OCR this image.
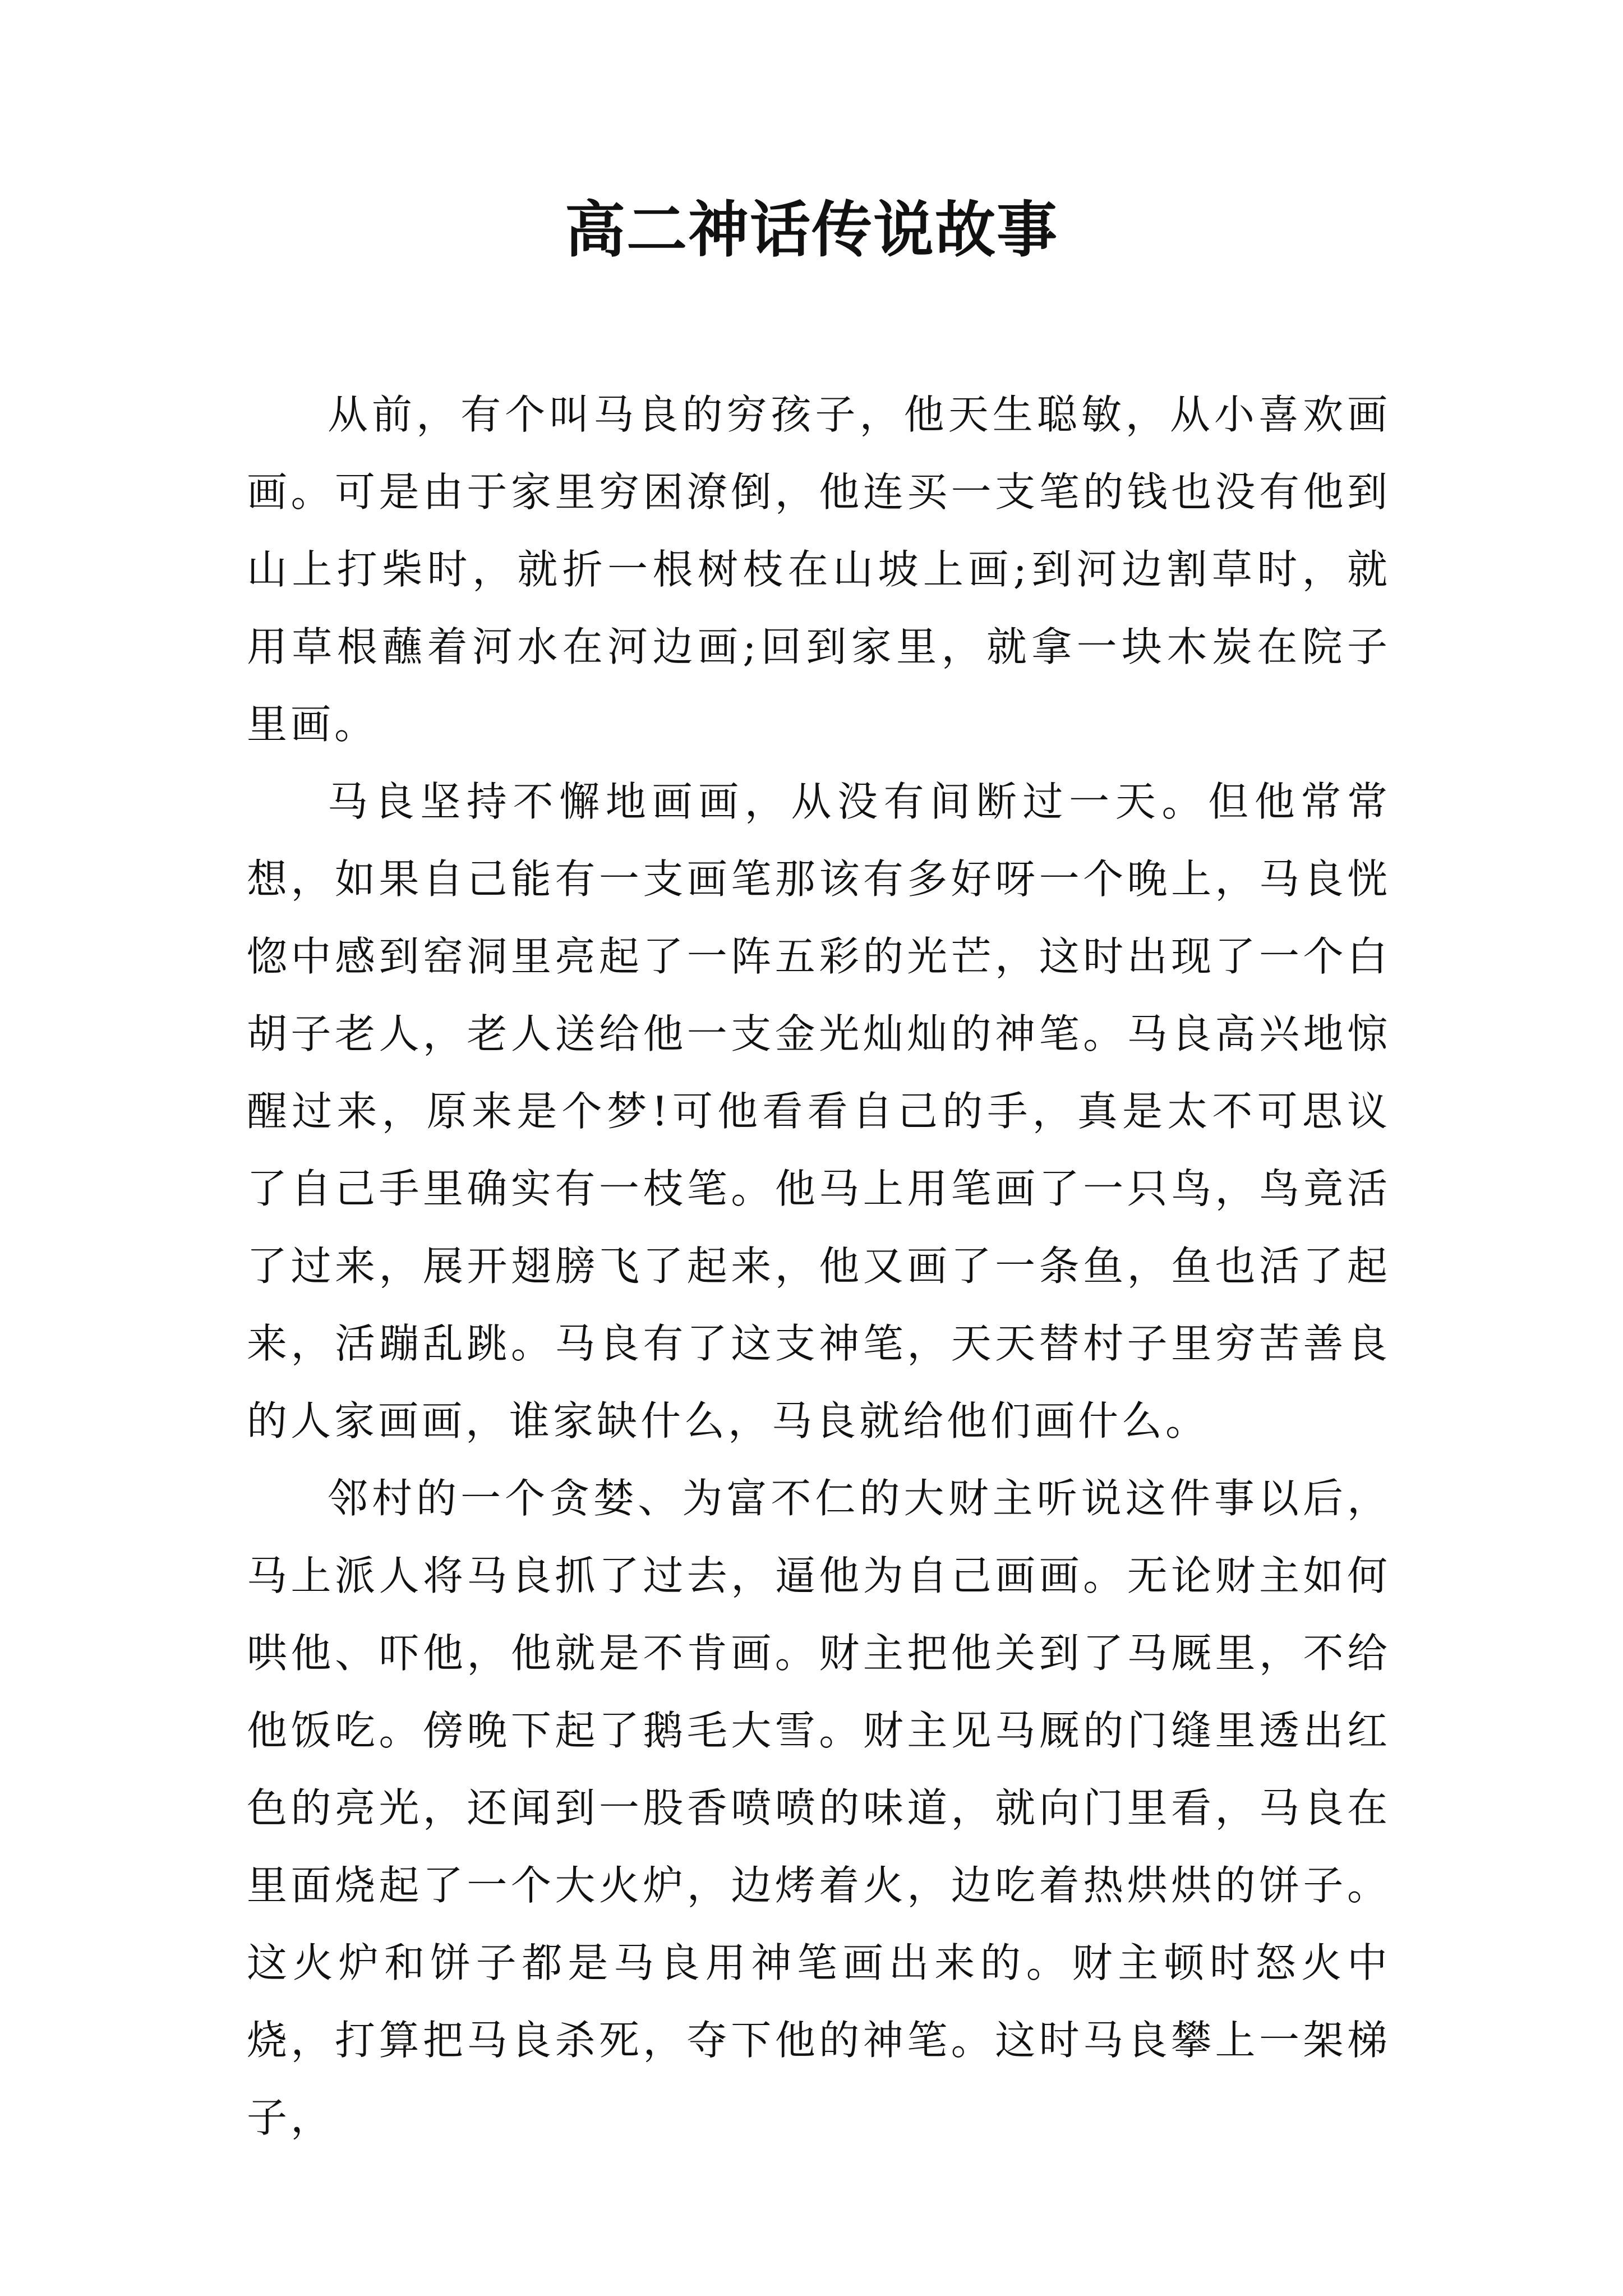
高二神话传说故事

从前，有个叫马良的穷孩子，他天生聪敏，从小喜欢画画。可是由于家里穷困潦倒，他连买一支笔的钱也没有他到山上打柴时，就折一根树枝在山坡上画;到河边割草时，就用草根蘸着河水在河边画;回到家里，就拿一块木炭在院子里画。

马良坚持不懈地画画，从没有间断过一天。但他常常想，如果自己能有一支画笔那该有多好呀一个晚上，马良恍惚中感到窑洞里亮起了一阵五彩的光芒，这时出现了一个白胡子老人，老人送给他一支金光灿灿的神笔。马良高兴地惊醒过来，原来是个梦!可他看看自己的手，真是太不可思议了自己手里确实有一枝笔。他马上用笔画了一只鸟，鸟竟活了过来，展开翅膀飞了起来，他又画了一条鱼，鱼也活了起来，活蹦乱跳。马良有了这支神笔，天天替村子里穷苦善良的人家画画，谁家缺什么，马良就给他们画什么。

邻村的一个贪婪、为富不仁的大财主听说这件事以后，马上派人将马良抓了过去，逼他为自己画画。无论财主如何哄他、吓他，他就是不肯画。财主把他关到了马厩里，不给他饭吃。傍晚下起了鹅毛大雪。财主见马厩的门缝里透出红色的亮光，还闻到一股香喷喷的味道，就向门里看，马良在里面烧起了一个大火炉，边烤着火，边吃着热烘烘的饼子。这火炉和饼子都是马良用神笔画出来的。财主顿时怒火中烧，打算把马良杀死，夺下他的神笔。这时马良攀上一架梯子，
